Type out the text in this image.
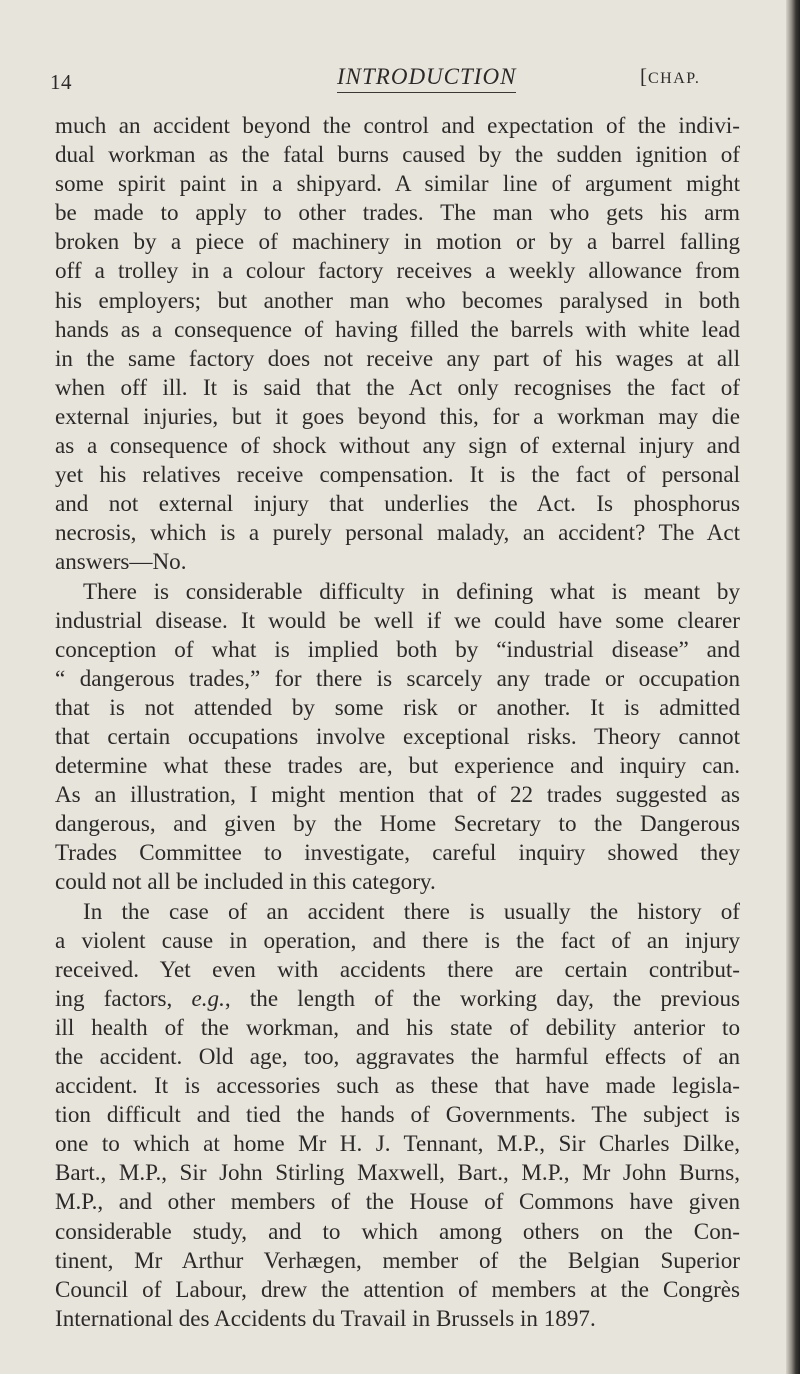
14	INTRODUCTION	[CHAP.
much an accident beyond the control and expectation of the indivi-
dual workman as the fatal burns caused by the sudden ignition of
some spirit paint in a shipyard. A similar line of argument might
be made to apply to other trades. The man who gets his arm
broken by a piece of machinery in motion or by a barrel falling
off a trolley in a colour factory receives a weekly allowance from
his employers; but another man who becomes paralysed in both
hands as a consequence of having filled the barrels with white lead
in the same factory does not receive any part of his wages at all
when off ill. It is said that the Act only recognises the fact of
external injuries, but it goes beyond this, for a workman may die
as a consequence of shock without any sign of external injury and
yet his relatives receive compensation. It is the fact of personal
and not external injury that underlies the Act. Is phosphorus
necrosis, which is a purely personal malady, an accident? The Act
answers—No.
There is considerable difficulty in defining what is meant by
industrial disease. It would be well if we could have some clearer
conception of what is implied both by “industrial disease” and
“ dangerous trades,” for there is scarcely any trade or occupation
that is not attended by some risk or another. It is admitted
that certain occupations involve exceptional risks. Theory cannot
determine what these trades are, but experience and inquiry can.
As an illustration, I might mention that of 22 trades suggested as
dangerous, and given by the Home Secretary to the Dangerous
Trades Committee to investigate, careful inquiry showed they
could not all be included in this category.
In the case of an accident there is usually the history of
a violent cause in operation, and there is the fact of an injury
received. Yet even with accidents there are certain contribut-
ing factors, e.g., the length of the working day, the previous
ill health of the workman, and his state of debility anterior to
the accident. Old age, too, aggravates the harmful effects of an
accident. It is accessories such as these that have made legisla-
tion difficult and tied the hands of Governments. The subject is
one to which at home Mr H. J. Tennant, M.P., Sir Charles Dilke,
Bart., M.P., Sir John Stirling Maxwell, Bart., M.P., Mr John Burns,
M.P., and other members of the House of Commons have given
considerable study, and to which among others on the Con-
tinent, Mr Arthur Verhægen, member of the Belgian Superior
Council of Labour, drew the attention of members at the Congrès
International des Accidents du Travail in Brussels in 1897.
